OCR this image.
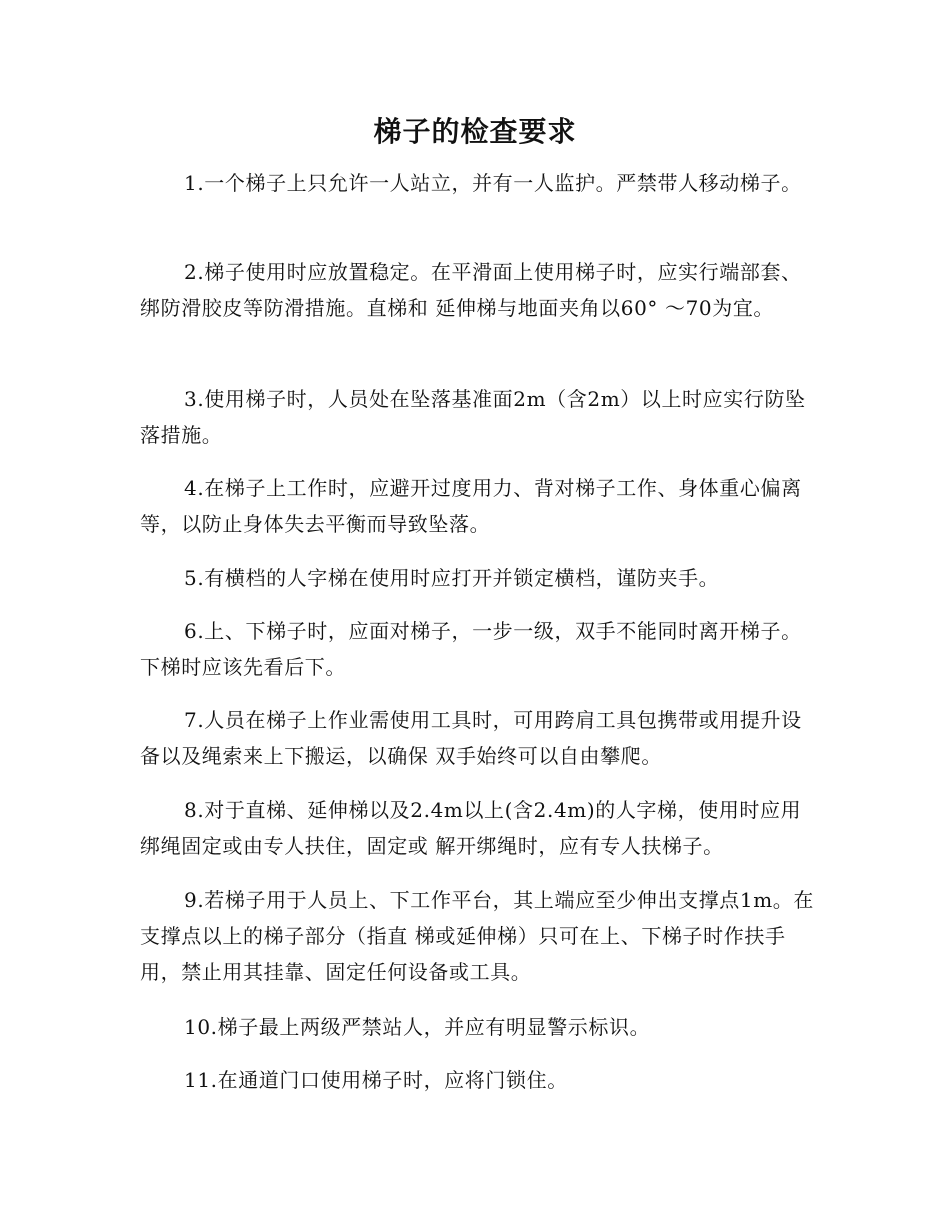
梯子的检查要求

1.一个梯子上只允许一人站立，并有一人监护。严禁带人移动梯子。

2.梯子使用时应放置稳定。在平滑面上使用梯子时，应实行端部套、绑防滑胶皮等防滑措施。直梯和 延伸梯与地面夹角以60° ～70为宜。

3.使用梯子时，人员处在坠落基准面2m（含2m）以上时应实行防坠落措施。

4.在梯子上工作时，应避开过度用力、背对梯子工作、身体重心偏离等，以防止身体失去平衡而导致坠落。

5.有横档的人字梯在使用时应打开并锁定横档，谨防夹手。

6.上、下梯子时，应面对梯子，一步一级，双手不能同时离开梯子。下梯时应该先看后下。

7.人员在梯子上作业需使用工具时，可用跨肩工具包携带或用提升设备以及绳索来上下搬运，以确保 双手始终可以自由攀爬。

8.对于直梯、延伸梯以及2.4m以上(含2.4m)的人字梯，使用时应用绑绳固定或由专人扶住，固定或 解开绑绳时，应有专人扶梯子。

9.若梯子用于人员上、下工作平台，其上端应至少伸出支撑点1m。在支撑点以上的梯子部分（指直 梯或延伸梯）只可在上、下梯子时作扶手用，禁止用其挂靠、固定任何设备或工具。

10.梯子最上两级严禁站人，并应有明显警示标识。

11.在通道门口使用梯子时，应将门锁住。
